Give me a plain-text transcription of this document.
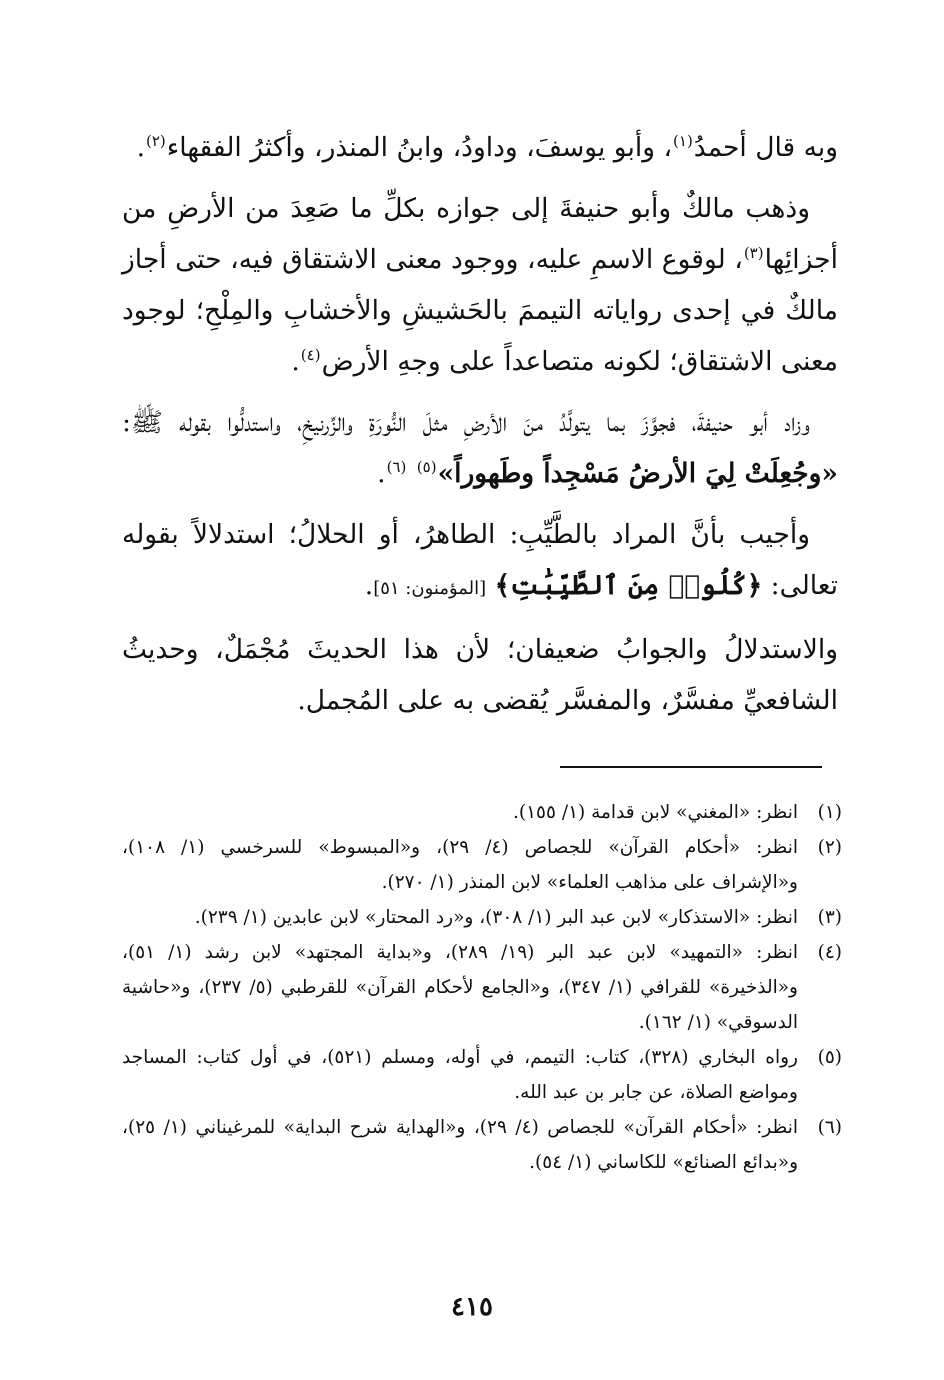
وبه قال أحمدُ$^{(١)}$، وأبو يوسفَ، وداودُ، وابنُ المنذر، وأكثرُ الفقهاء$^{(٢)}$.

وذهب مالكٌ وأبو حنيفةَ إلى جوازه بكلِّ ما صَعِدَ من الأرضِ من أجزائِها$^{(٣)}$، لوقوع الاسمِ عليه، ووجود معنى الاشتقاق فيه، حتى أجاز مالكٌ في إحدى رواياته التيممَ بالحَشيشِ والأخشابِ والمِلْحِ؛ لوجود معنى الاشتقاق؛ لكونه متصاعداً على وجهِ الأرض$^{(٤)}$.

وزاد أبو حنيفةَ، فجوَّزَ بما يتولَّدُ منَ الأرضِ مثلَ النُّورَةِ والزِّرنيخِ، واستدلُّوا بقوله ﷺ: «وجُعِلَتْ لِيَ الأرضُ مَسْجِداً وطَهوراً»$^{(٥)}$ $^{(٦)}$.

وأجيب بأنَّ المراد بالطَّيِّبِ: الطاهرُ، أو الحلالُ؛ استدلالاً بقوله تعالى: ﴿كُلُوا۟ مِنَ ٱلطَّيِّبَٰتِ﴾ [المؤمنون: ٥١].

والاستدلالُ والجوابُ ضعيفان؛ لأن هذا الحديثَ مُجْمَلٌ، وحديثُ الشافعيِّ مفسَّرٌ، والمفسَّر يُقضى به على المُجمل.

(١)
انظر: «المغني» لابن قدامة (١/ ١٥٥).
(٢)
انظر: «أحكام القرآن» للجصاص (٤/ ٢٩)، و«المبسوط» للسرخسي (١/ ١٠٨)، و«الإشراف على مذاهب العلماء» لابن المنذر (١/ ٢٧٠).
(٣)
انظر: «الاستذكار» لابن عبد البر (١/ ٣٠٨)، و«رد المحتار» لابن عابدين (١/ ٢٣٩).
(٤)
انظر: «التمهيد» لابن عبد البر (١٩/ ٢٨٩)، و«بداية المجتهد» لابن رشد (١/ ٥١)، و«الذخيرة» للقرافي (١/ ٣٤٧)، و«الجامع لأحكام القرآن» للقرطبي (٥/ ٢٣٧)، و«حاشية الدسوقي» (١/ ١٦٢).
(٥)
رواه البخاري (٣٢٨)، كتاب: التيمم، في أوله، ومسلم (٥٢١)، في أول كتاب: المساجد ومواضع الصلاة، عن جابر بن عبد الله.
(٦)
انظر: «أحكام القرآن» للجصاص (٤/ ٢٩)، و«الهداية شرح البداية» للمرغيناني (١/ ٢٥)، و«بدائع الصنائع» للكاساني (١/ ٥٤).
٤١٥
